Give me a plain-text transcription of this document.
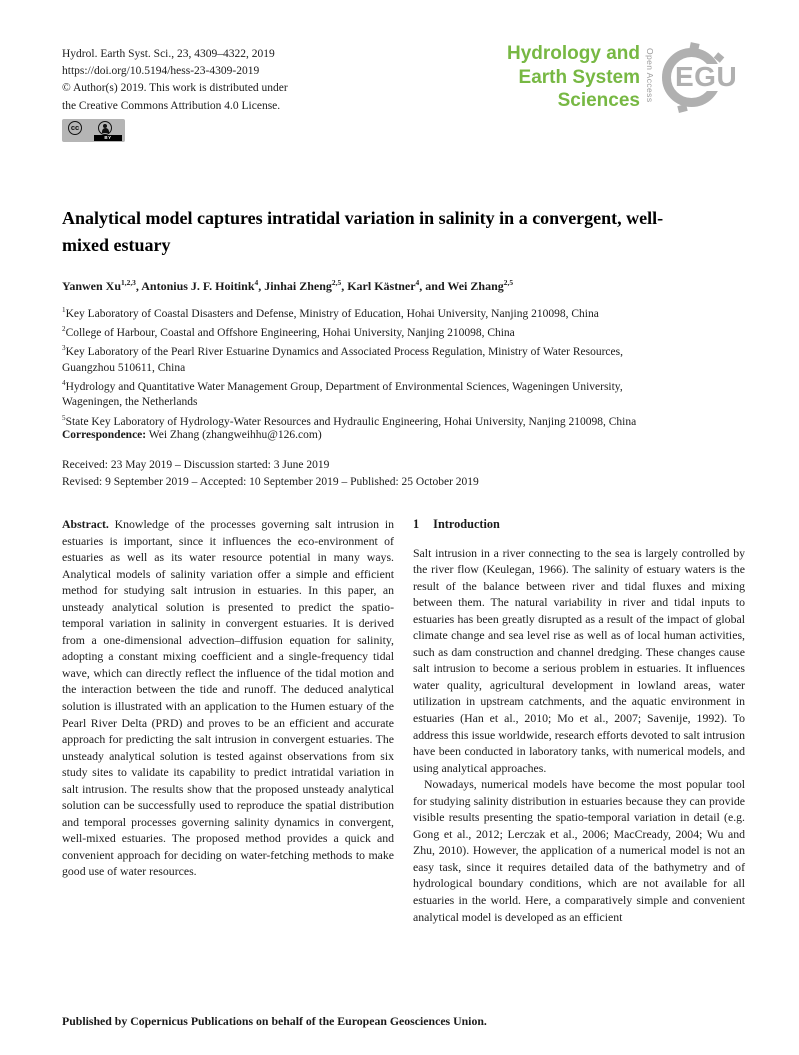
Hydrol. Earth Syst. Sci., 23, 4309–4322, 2019
https://doi.org/10.5194/hess-23-4309-2019
© Author(s) 2019. This work is distributed under
the Creative Commons Attribution 4.0 License.
cc
BY
Hydrology and
Earth System
Sciences Open Access EGU
Analytical model captures intratidal variation in salinity in a convergent, well-mixed estuary
Yanwen Xu$^{1,2,3}$, Antonius J. F. Hoitink$^4$, Jinhai Zheng$^{2,5}$, Karl Kästner$^4$, and Wei Zhang$^{2,5}$
$^1$Key Laboratory of Coastal Disasters and Defense, Ministry of Education, Hohai University, Nanjing 210098, China
$^2$College of Harbour, Coastal and Offshore Engineering, Hohai University, Nanjing 210098, China
$^3$Key Laboratory of the Pearl River Estuarine Dynamics and Associated Process Regulation, Ministry of Water Resources,
Guangzhou 510611, China
$^4$Hydrology and Quantitative Water Management Group, Department of Environmental Sciences, Wageningen University,
Wageningen, the Netherlands
$^5$State Key Laboratory of Hydrology-Water Resources and Hydraulic Engineering, Hohai University, Nanjing 210098, China
Correspondence: Wei Zhang (zhangweihhu@126.com)
Received: 23 May 2019 – Discussion started: 3 June 2019
Revised: 9 September 2019 – Accepted: 10 September 2019 – Published: 25 October 2019

Abstract. Knowledge of the processes governing salt intrusion in estuaries is important, since it influences the eco-environment of estuaries as well as its water resource potential in many ways. Analytical models of salinity variation offer a simple and efficient method for studying salt intrusion in estuaries. In this paper, an unsteady analytical solution is presented to predict the spatio-temporal variation in salinity in convergent estuaries. It is derived from a one-dimensional advection–diffusion equation for salinity, adopting a constant mixing coefficient and a single-frequency tidal wave, which can directly reflect the influence of the tidal motion and the interaction between the tide and runoff. The deduced analytical solution is illustrated with an application to the Humen estuary of the Pearl River Delta (PRD) and proves to be an efficient and accurate approach for predicting the salt intrusion in convergent estuaries. The unsteady analytical solution is tested against observations from six study sites to validate its capability to predict intratidal variation in salt intrusion. The results show that the proposed unsteady analytical solution can be successfully used to reproduce the spatial distribution and temporal processes governing salinity dynamics in convergent, well-mixed estuaries. The proposed method provides a quick and convenient approach for deciding on water-fetching methods to make good use of water resources.

1 Introduction

Salt intrusion in a river connecting to the sea is largely controlled by the river flow (Keulegan, 1966). The salinity of estuary waters is the result of the balance between river and tidal fluxes and mixing between them. The natural variability in river and tidal inputs to estuaries has been greatly disrupted as a result of the impact of global climate change and sea level rise as well as of local human activities, such as dam construction and channel dredging. These changes cause salt intrusion to become a serious problem in estuaries. It influences water quality, agricultural development in lowland areas, water utilization in upstream catchments, and the aquatic environment in estuaries (Han et al., 2010; Mo et al., 2007; Savenije, 1992). To address this issue worldwide, research efforts devoted to salt intrusion have been conducted in laboratory tanks, with numerical models, and using analytical approaches.

Nowadays, numerical models have become the most popular tool for studying salinity distribution in estuaries because they can provide visible results presenting the spatio-temporal variation in detail (e.g. Gong et al., 2012; Lerczak et al., 2006; MacCready, 2004; Wu and Zhu, 2010). However, the application of a numerical model is not an easy task, since it requires detailed data of the bathymetry and of hydrological boundary conditions, which are not available for all estuaries in the world. Here, a comparatively simple and convenient analytical model is developed as an efficient

Published by Copernicus Publications on behalf of the European Geosciences Union.
